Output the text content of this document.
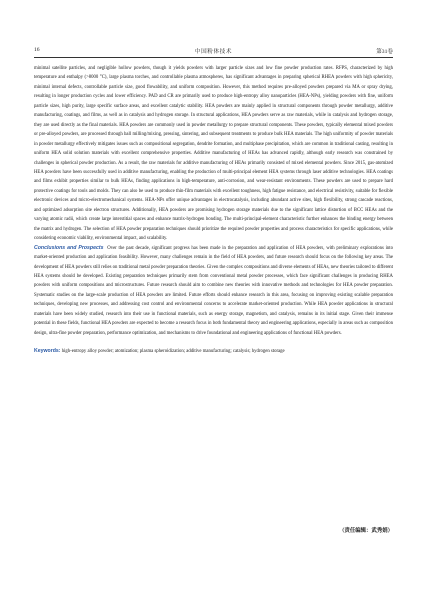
16	中国粉体技术	第31卷

minimal satellite particles, and negligible hollow powders, though it yields powders with larger particle sizes and low fine powder production rates. RFPS, characterized by high temperature and enthalpy (>8000 °C), large plasma torches, and controllable plasma atmospheres, has significant advantages in preparing spherical RHEA powders with high sphericity, minimal internal defects, controllable particle size, good flowability, and uniform composition. However, this method requires pre-alloyed powders prepared via MA or spray drying, resulting in longer production cycles and lower efficiency. PAD and CR are primarily used to produce high-entropy alloy nanoparticles (HEA-NPs), yielding powders with fine, uniform particle sizes, high purity, large specific surface areas, and excellent catalytic stability. HEA powders are mainly applied in structural components through powder metallurgy, additive manufacturing, coatings, and films, as well as in catalysis and hydrogen storage. In structural applications, HEA powders serve as raw materials, while in catalysis and hydrogen storage, they are used directly as the final materials. HEA powders are commonly used in powder metallurgy to prepare structural components. These powders, typically elemental mixed powders or pre-alloyed powders, are processed through ball milling/mixing, pressing, sintering, and subsequent treatments to produce bulk HEA materials. The high uniformity of powder materials in powder metallurgy effectively mitigates issues such as compositional segregation, dendrite formation, and multiphase precipitation, which are common in traditional casting, resulting in uniform HEA solid solution materials with excellent comprehensive properties. Additive manufacturing of HEAs has advanced rapidly, although early research was constrained by challenges in spherical powder production. As a result, the raw materials for additive manufacturing of HEAs primarily consisted of mixed elemental powders. Since 2015, gas-atomized HEA powders have been successfully used in additive manufacturing, enabling the production of multi-principal element HEA systems through laser additive technologies. HEA coatings and films exhibit properties similar to bulk HEAs, finding applications in high-temperature, anti-corrosion, and wear-resistant environments. These powders are used to prepare hard protective coatings for tools and molds. They can also be used to produce thin-film materials with excellent toughness, high fatigue resistance, and electrical resistivity, suitable for flexible electronic devices and micro-electromechanical systems. HEA-NPs offer unique advantages in electrocatalysis, including abundant active sites, high flexibility, strong cascade reactions, and optimized adsorption site electron structures. Additionally, HEA powders are promising hydrogen storage materials due to the significant lattice distortion of BCC HEAs and the varying atomic radii, which create large interstitial spaces and enhance matrix-hydrogen bonding. The multi-principal-element characteristic further enhances the binding energy between the matrix and hydrogen. The selection of HEA powder preparation techniques should prioritize the required powder properties and process characteristics for specific applications, while considering economic viability, environmental impact, and scalability.

Conclusions and Prospects Over the past decade, significant progress has been made in the preparation and application of HEA powders, with preliminary explorations into market-oriented production and application feasibility. However, many challenges remain in the field of HEA powders, and future research should focus on the following key areas. The development of HEA powders still relies on traditional metal powder preparation theories. Given the complex compositions and diverse elements of HEAs, new theories tailored to different HEA systems should be developed. Existing preparation techniques primarily stem from conventional metal powder processes, which face significant challenges in producing RHEA powders with uniform compositions and microstructures. Future research should aim to combine new theories with innovative methods and technologies for HEA powder preparation. Systematic studies on the large-scale production of HEA powders are limited. Future efforts should enhance research in this area, focusing on improving existing scalable preparation techniques, developing new processes, and addressing cost control and environmental concerns to accelerate market-oriented production. While HEA powder applications in structural materials have been widely studied, research into their use in functional materials, such as energy storage, magnetism, and catalysis, remains in its initial stage. Given their immense potential in these fields, functional HEA powders are expected to become a research focus in both fundamental theory and engineering applications, especially in areas such as composition design, ultra-fine powder preparation, performance optimization, and mechanisms to drive foundational and engineering applications of functional HEA powders.

Keywords: high-entropy alloy powder; atomization; plasma spheroidization; additive manufacturing; catalysis; hydrogen storage

（责任编辑：武秀娟）
